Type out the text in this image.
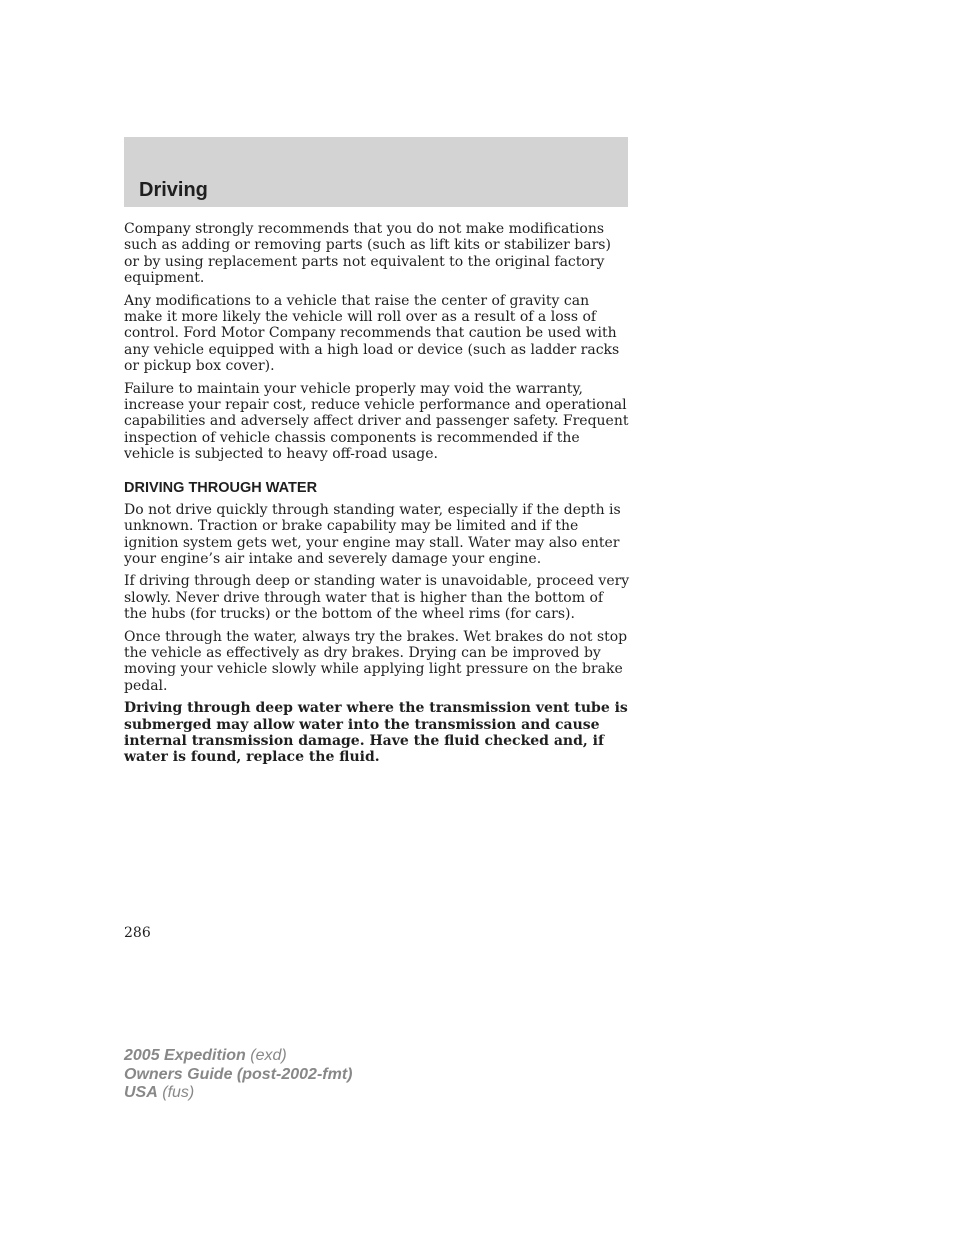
Driving

Company strongly recommends that you do not make modifications such as adding or removing parts (such as lift kits or stabilizer bars) or by using replacement parts not equivalent to the original factory equipment.

Any modifications to a vehicle that raise the center of gravity can make it more likely the vehicle will roll over as a result of a loss of control. Ford Motor Company recommends that caution be used with any vehicle equipped with a high load or device (such as ladder racks or pickup box cover).

Failure to maintain your vehicle properly may void the warranty, increase your repair cost, reduce vehicle performance and operational capabilities and adversely affect driver and passenger safety. Frequent inspection of vehicle chassis components is recommended if the vehicle is subjected to heavy off-road usage.

DRIVING THROUGH WATER

Do not drive quickly through standing water, especially if the depth is unknown. Traction or brake capability may be limited and if the ignition system gets wet, your engine may stall. Water may also enter your engine’s air intake and severely damage your engine.

If driving through deep or standing water is unavoidable, proceed very slowly. Never drive through water that is higher than the bottom of the hubs (for trucks) or the bottom of the wheel rims (for cars).

Once through the water, always try the brakes. Wet brakes do not stop the vehicle as effectively as dry brakes. Drying can be improved by moving your vehicle slowly while applying light pressure on the brake pedal.

Driving through deep water where the transmission vent tube is submerged may allow water into the transmission and cause internal transmission damage. Have the fluid checked and, if water is found, replace the fluid.

286
2005 Expedition (exd)
Owners Guide (post-2002-fmt)
USA (fus)
